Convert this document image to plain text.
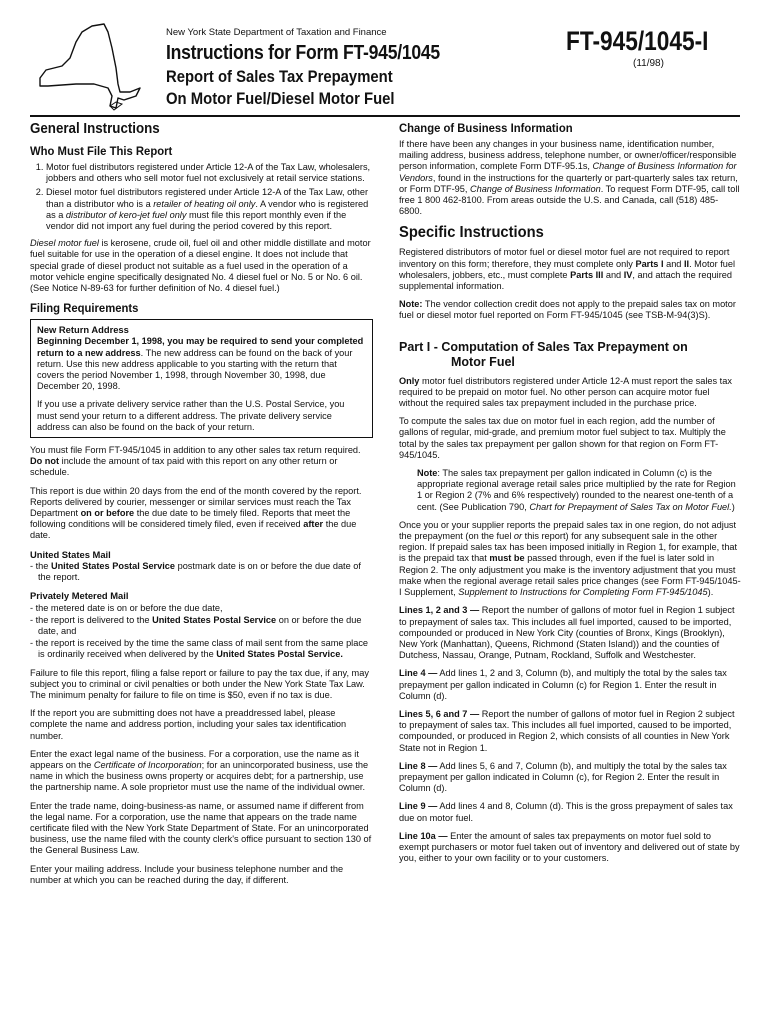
New York State Department of Taxation and Finance
Instructions for Form FT-945/1045
Report of Sales Tax Prepayment
On Motor Fuel/Diesel Motor Fuel
FT-945/1045-I
(11/98)
General Instructions
Who Must File This Report
1. Motor fuel distributors registered under Article 12-A of the Tax Law, wholesalers, jobbers and others who sell motor fuel not exclusively at retail service stations.
2. Diesel motor fuel distributors registered under Article 12-A of the Tax Law, other than a distributor who is a retailer of heating oil only. A vendor who is registered as a distributor of kero-jet fuel only must file this report monthly even if the vendor did not import any fuel during the period covered by this report.

Diesel motor fuel is kerosene, crude oil, fuel oil and other middle distillate and motor fuel suitable for use in the operation of a diesel engine. It does not include that special grade of diesel product not suitable as a fuel used in the operation of a motor vehicle engine specifically designated No. 4 diesel fuel or No. 5 or No. 6 oil. (See Notice N-89-63 for further definition of No. 4 diesel fuel.)

Filing Requirements
New Return Address

Beginning December 1, 1998, you may be required to send your completed return to a new address. The new address can be found on the back of your return. Use this new address applicable to you starting with the return that covers the period November 1, 1998, through November 30, 1998, due December 20, 1998.

If you use a private delivery service rather than the U.S. Postal Service, you must send your return to a different address. The private delivery service address can also be found on the back of your return.

You must file Form FT-945/1045 in addition to any other sales tax return required. Do not include the amount of tax paid with this report on any other return or schedule.

This report is due within 20 days from the end of the month covered by the report. Reports delivered by courier, messenger or similar services must reach the Tax Department on or before the due date to be timely filed. Reports that meet the following conditions will be considered timely filed, even if received after the due date.

United States Mail
- the United States Postal Service postmark date is on or before the due date of the report.
Privately Metered Mail
- the metered date is on or before the due date,
- the report is delivered to the United States Postal Service on or before the due date, and
- the report is received by the time the same class of mail sent from the same place is ordinarily received when delivered by the United States Postal Service.

Failure to file this report, filing a false report or failure to pay the tax due, if any, may subject you to criminal or civil penalties or both under the New York State Tax Law. The minimum penalty for failure to file on time is $50, even if no tax is due.

If the report you are submitting does not have a preaddressed label, please complete the name and address portion, including your sales tax identification number.

Enter the exact legal name of the business. For a corporation, use the name as it appears on the Certificate of Incorporation; for an unincorporated business, use the name in which the business owns property or acquires debt; for a partnership, use the partnership name. A sole proprietor must use the name of the individual owner.

Enter the trade name, doing-business-as name, or assumed name if different from the legal name. For a corporation, use the name that appears on the trade name certificate filed with the New York State Department of State. For an unincorporated business, use the name filed with the county clerk's office pursuant to section 130 of the General Business Law.

Enter your mailing address. Include your business telephone number and the number at which you can be reached during the day, if different.

Change of Business Information

If there have been any changes in your business name, identification number, mailing address, business address, telephone number, or owner/officer/responsible person information, complete Form DTF-95.1s, Change of Business Information for Vendors, found in the instructions for the quarterly or part-quarterly sales tax return, or Form DTF-95, Change of Business Information. To request Form DTF-95, call toll free 1 800 462-8100. From areas outside the U.S. and Canada, call (518) 485-6800.

Specific Instructions

Registered distributors of motor fuel or diesel motor fuel are not required to report inventory on this form; therefore, they must complete only Parts I and II. Motor fuel wholesalers, jobbers, etc., must complete Parts III and IV, and attach the required supplemental information.

Note: The vendor collection credit does not apply to the prepaid sales tax on motor fuel or diesel motor fuel reported on Form FT-945/1045 (see TSB-M-94(3)S).

Part I - Computation of Sales Tax Prepayment on
Motor Fuel

Only motor fuel distributors registered under Article 12-A must report the sales tax required to be prepaid on motor fuel. No other person can acquire motor fuel without the required sales tax prepayment included in the purchase price.

To compute the sales tax due on motor fuel in each region, add the number of gallons of regular, mid-grade, and premium motor fuel subject to tax. Multiply the total by the sales tax prepayment per gallon shown for that region on Form FT-945/1045.

Note: The sales tax prepayment per gallon indicated in Column (c) is the appropriate regional average retail sales price multiplied by the rate for Region 1 or Region 2 (7% and 6% respectively) rounded to the nearest one-tenth of a cent. (See Publication 790, Chart for Prepayment of Sales Tax on Motor Fuel.)

Once you or your supplier reports the prepaid sales tax in one region, do not adjust the prepayment (on the fuel or this report) for any subsequent sale in the other region. If prepaid sales tax has been imposed initially in Region 1, for example, that is the prepaid tax that must be passed through, even if the fuel is later sold in Region 2. The only adjustment you make is the inventory adjustment that you must make when the regional average retail sales price changes (see Form FT-945/1045-I Supplement, Supplement to Instructions for Completing Form FT-945/1045).

Lines 1, 2 and 3 — Report the number of gallons of motor fuel in Region 1 subject to prepayment of sales tax. This includes all fuel imported, caused to be imported, compounded or produced in New York City (counties of Bronx, Kings (Brooklyn), New York (Manhattan), Queens, Richmond (Staten Island)) and the counties of Dutchess, Nassau, Orange, Putnam, Rockland, Suffolk and Westchester.

Line 4 — Add lines 1, 2 and 3, Column (b), and multiply the total by the sales tax prepayment per gallon indicated in Column (c) for Region 1. Enter the result in Column (d).

Lines 5, 6 and 7 — Report the number of gallons of motor fuel in Region 2 subject to prepayment of sales tax. This includes all fuel imported, caused to be imported, compounded, or produced in Region 2, which consists of all counties in New York State not in Region 1.

Line 8 — Add lines 5, 6 and 7, Column (b), and multiply the total by the sales tax prepayment per gallon indicated in Column (c), for Region 2. Enter the result in Column (d).

Line 9 — Add lines 4 and 8, Column (d). This is the gross prepayment of sales tax due on motor fuel.

Line 10a — Enter the amount of sales tax prepayments on motor fuel sold to exempt purchasers or motor fuel taken out of inventory and delivered out of state by you, either to your own facility or to your customers.
